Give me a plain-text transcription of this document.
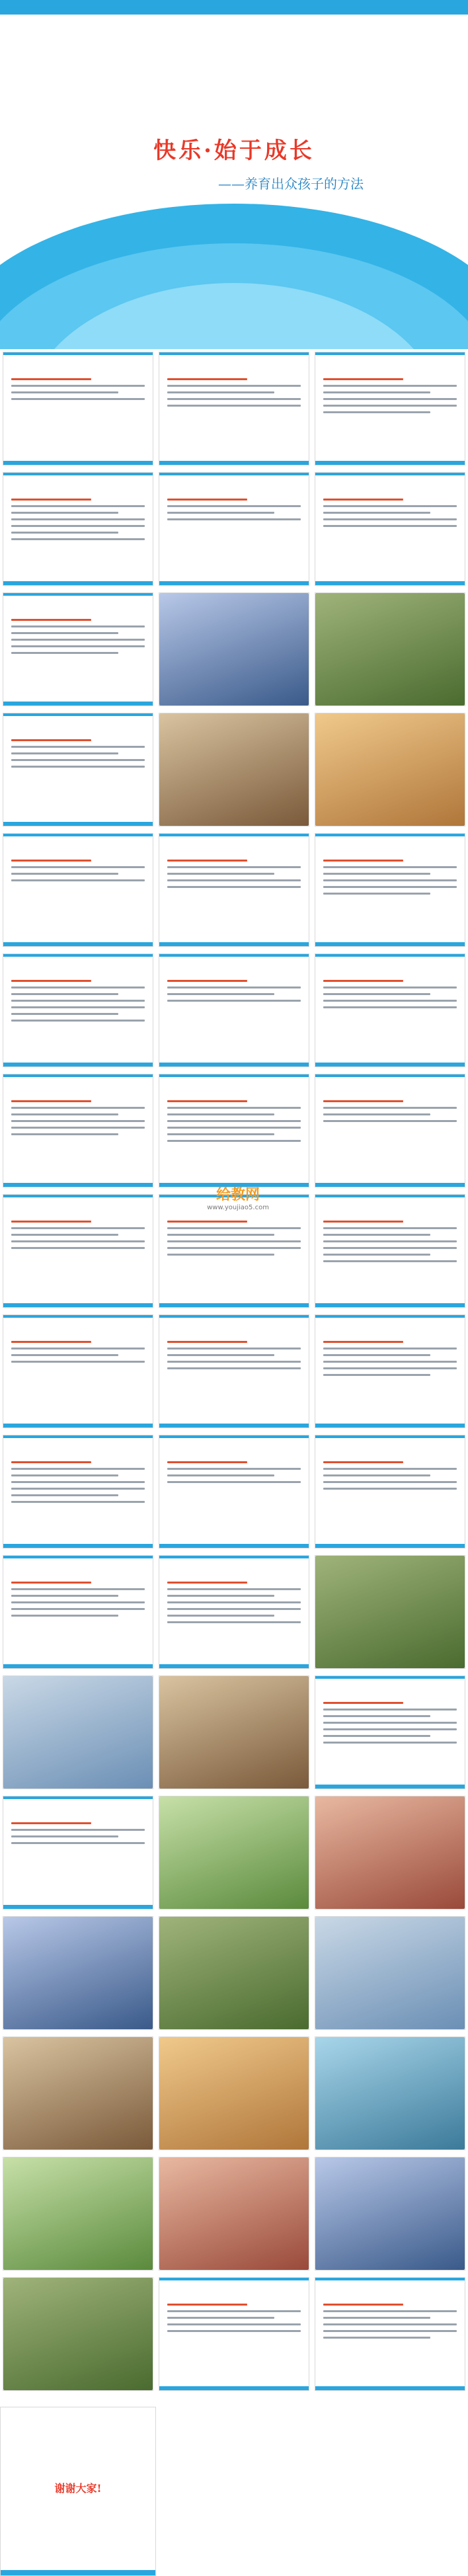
快乐·始于成长
——养育出众孩子的方法
给教网
www.youjiao5.com
谢谢大家!
